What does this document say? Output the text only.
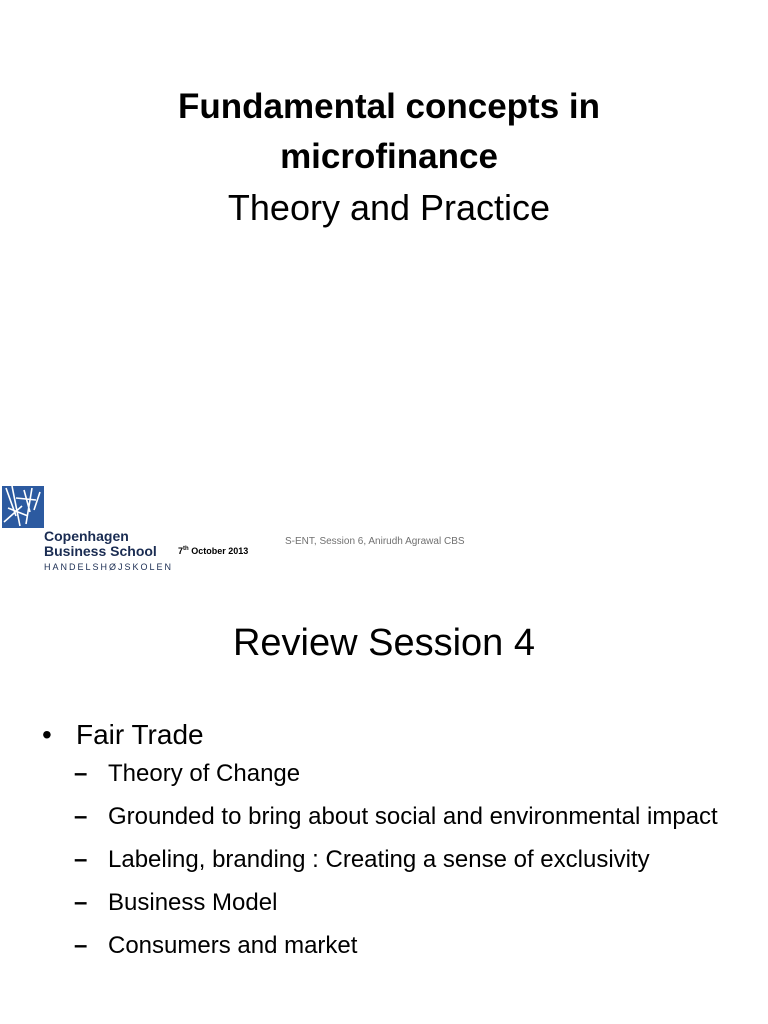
Fundamental concepts in
microfinance
Theory and Practice
Copenhagen
Business School
HANDELSHØJSKOLEN
7th October 2013
S-ENT, Session 6, Anirudh Agrawal CBS
Review Session 4
• Fair Trade
– Theory of Change
– Grounded to bring about social and environmental impact
– Labeling, branding : Creating a sense of exclusivity
– Business Model
– Consumers and market
